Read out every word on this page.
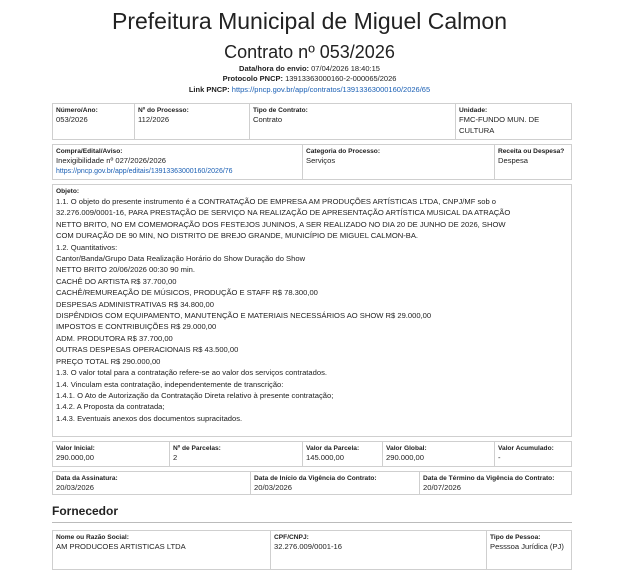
Prefeitura Municipal de Miguel Calmon
Contrato nº 053/2026
Data/hora do envio: 07/04/2026 18:40:15
Protocolo PNCP: 13913363000160-2-000065/2026
Link PNCP: https://pncp.gov.br/app/contratos/13913363000160/2026/65
Número/Ano:
053/2026
Nº do Processo:
112/2026
Tipo de Contrato:
Contrato
Unidade:
FMC-FUNDO MUN. DE CULTURA
Compra/Edital/Aviso:
Inexigibilidade nº 027/2026/2026
https://pncp.gov.br/app/editais/13913363000160/2026/76
Categoria do Processo:
Serviços
Receita ou Despesa?
Despesa
Objeto:
1.1. O objeto do presente instrumento é a CONTRATAÇÃO DE EMPRESA AM PRODUÇÕES ARTÍSTICAS LTDA, CNPJ/MF sob o
32.276.009/0001-16, PARA PRESTAÇÃO DE SERVIÇO NA REALIZAÇÃO DE APRESENTAÇÃO ARTÍSTICA MUSICAL DA ATRAÇÃO
NETTO BRITO, NO EM COMEMORAÇÃO DOS FESTEJOS JUNINOS, A SER REALIZADO NO DIA 20 DE JUNHO DE 2026, SHOW
COM DURAÇÃO DE 90 MIN, NO DISTRITO DE BREJO GRANDE, MUNICÍPIO DE MIGUEL CALMON-BA.
1.2. Quantitativos:
Cantor/Banda/Grupo Data Realização Horário do Show Duração do Show
NETTO BRITO 20/06/2026 00:30 90 min.
CACHÊ DO ARTISTA R$ 37.700,00
CACHÊ/REMUREAÇÃO DE MÚSICOS, PRODUÇÃO E STAFF R$ 78.300,00
DESPESAS ADMINISTRATIVAS R$ 34.800,00
DISPÊNDIOS COM EQUIPAMENTO, MANUTENÇÃO E MATERIAIS NECESSÁRIOS AO SHOW R$ 29.000,00
IMPOSTOS E CONTRIBUIÇÕES R$ 29.000,00
ADM. PRODUTORA R$ 37.700,00
OUTRAS DESPESAS OPERACIONAIS R$ 43.500,00
PREÇO TOTAL R$ 290.000,00
1.3. O valor total para a contratação refere-se ao valor dos serviços contratados.
1.4. Vinculam esta contratação, independentemente de transcrição:
1.4.1. O Ato de Autorização da Contratação Direta relativo à presente contratação;
1.4.2. A Proposta da contratada;
1.4.3. Eventuais anexos dos documentos supracitados.
Valor Inicial:
290.000,00
Nº de Parcelas:
2
Valor da Parcela:
145.000,00
Valor Global:
290.000,00
Valor Acumulado:
-
Data da Assinatura:
20/03/2026
Data de Início da Vigência do Contrato:
20/03/2026
Data de Término da Vigência do Contrato:
20/07/2026
Fornecedor
Nome ou Razão Social:
AM PRODUCOES ARTISTICAS LTDA
CPF/CNPJ:
32.276.009/0001-16
Tipo de Pessoa:
Pesssoa Jurídica (PJ)
